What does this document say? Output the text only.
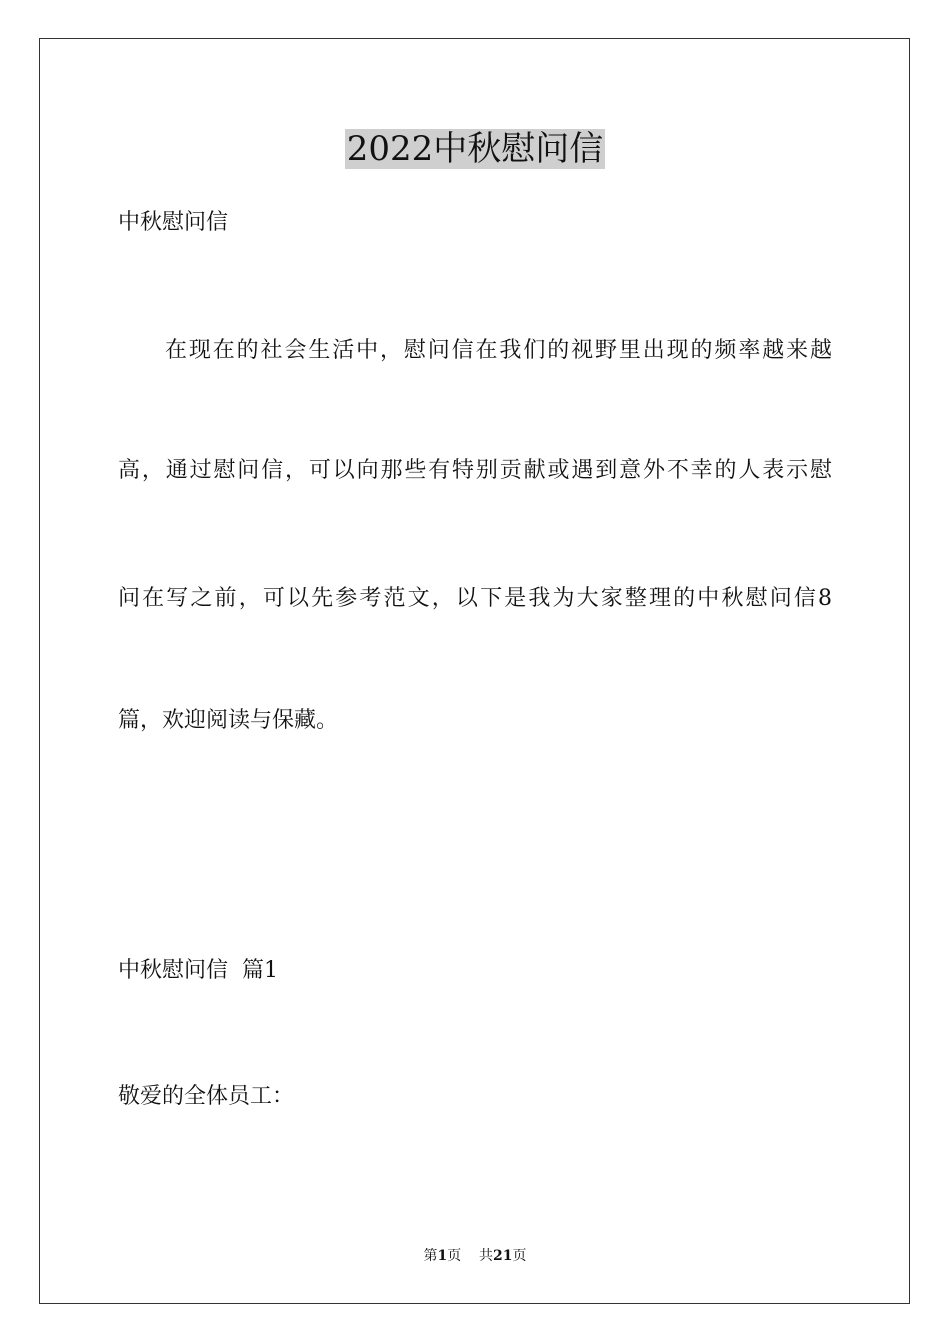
2022中秋慰问信
中秋慰问信
在现在的社会生活中，慰问信在我们的视野里出现的频率越来越
高，通过慰问信，可以向那些有特别贡献或遇到意外不幸的人表示慰
问在写之前，可以先参考范文，以下是我为大家整理的中秋慰问信8
篇，欢迎阅读与保藏。
中秋慰问信  篇1
敬爱的全体员工：
第1页 共21页
